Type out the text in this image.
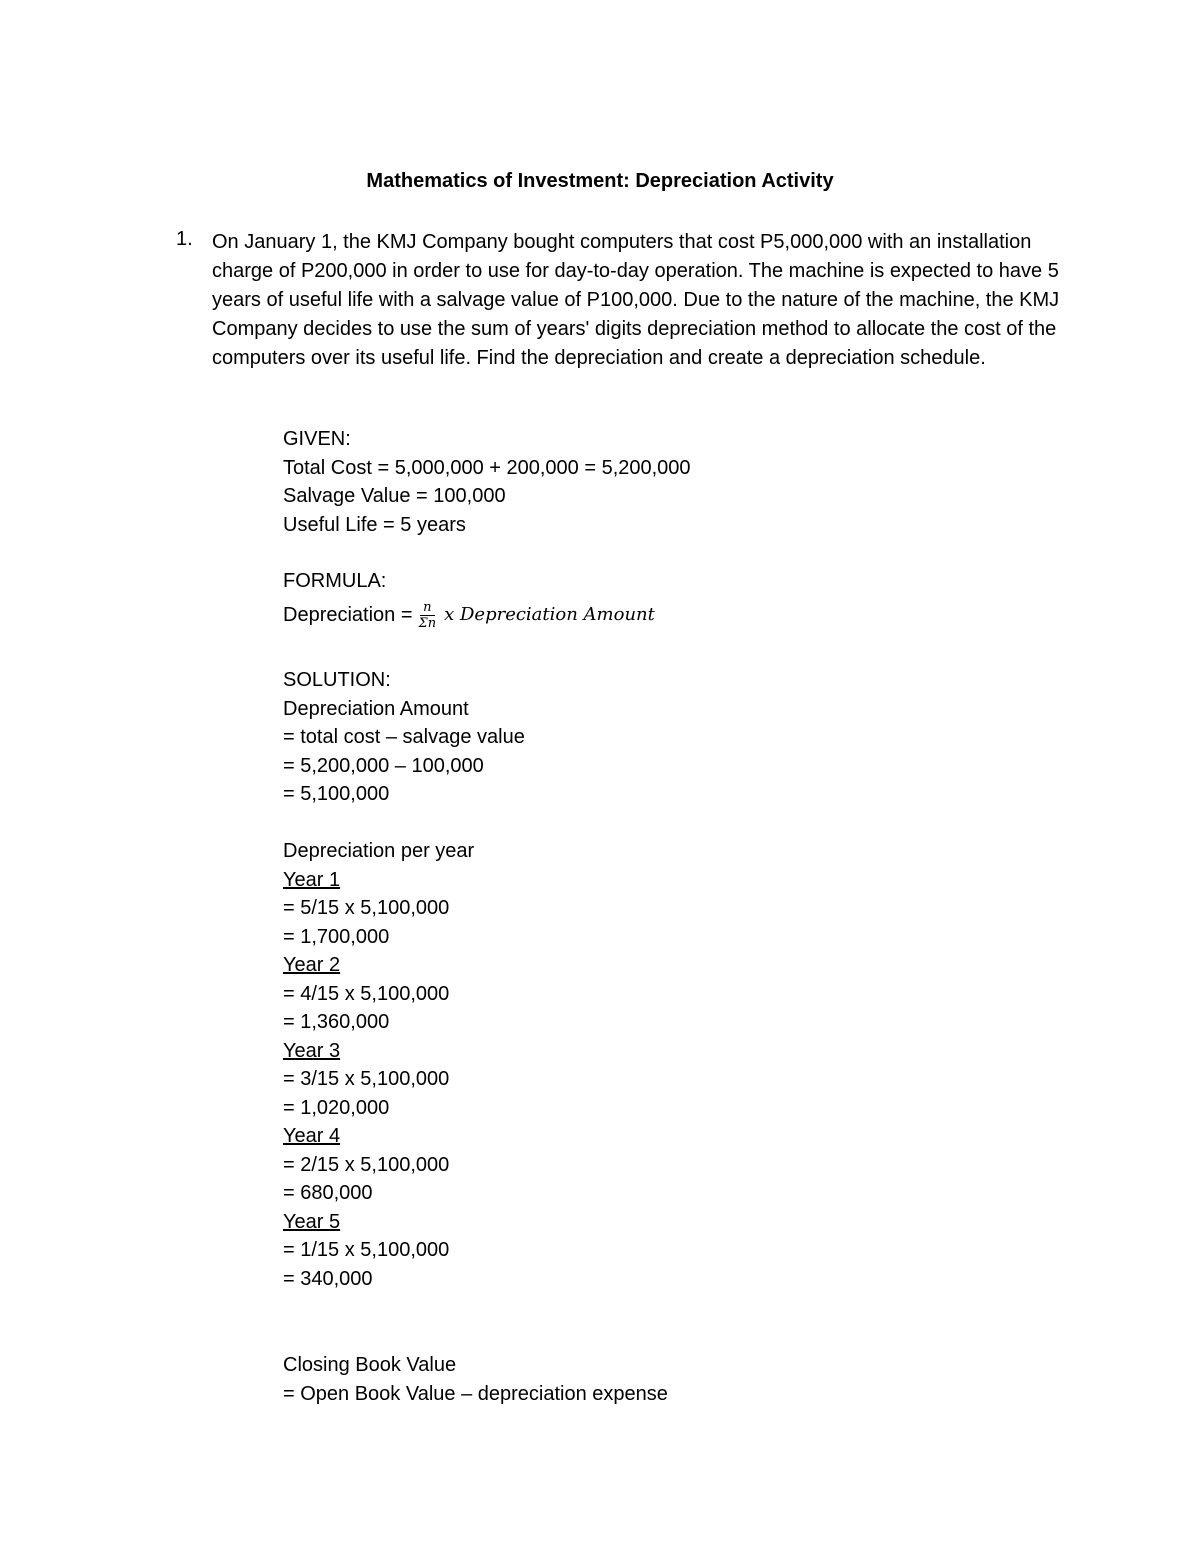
Mathematics of Investment: Depreciation Activity
1. On January 1, the KMJ Company bought computers that cost P5,000,000 with an installation charge of P200,000 in order to use for day-to-day operation. The machine is expected to have 5 years of useful life with a salvage value of P100,000. Due to the nature of the machine, the KMJ Company decides to use the sum of years' digits depreciation method to allocate the cost of the computers over its useful life. Find the depreciation and create a depreciation schedule.
GIVEN:
Total Cost = 5,000,000 + 200,000 = 5,200,000
Salvage Value = 100,000
Useful Life = 5 years
FORMULA:
Depreciation = $\frac{n}{\Sigma n}$ x Depreciation Amount
SOLUTION:
Depreciation Amount
= total cost – salvage value
= 5,200,000 – 100,000
= 5,100,000
Depreciation per year
Year 1
= 5/15 x 5,100,000
= 1,700,000
Year 2
= 4/15 x 5,100,000
= 1,360,000
Year 3
= 3/15 x 5,100,000
= 1,020,000
Year 4
= 2/15 x 5,100,000
= 680,000
Year 5
= 1/15 x 5,100,000
= 340,000
Closing Book Value
= Open Book Value – depreciation expense
